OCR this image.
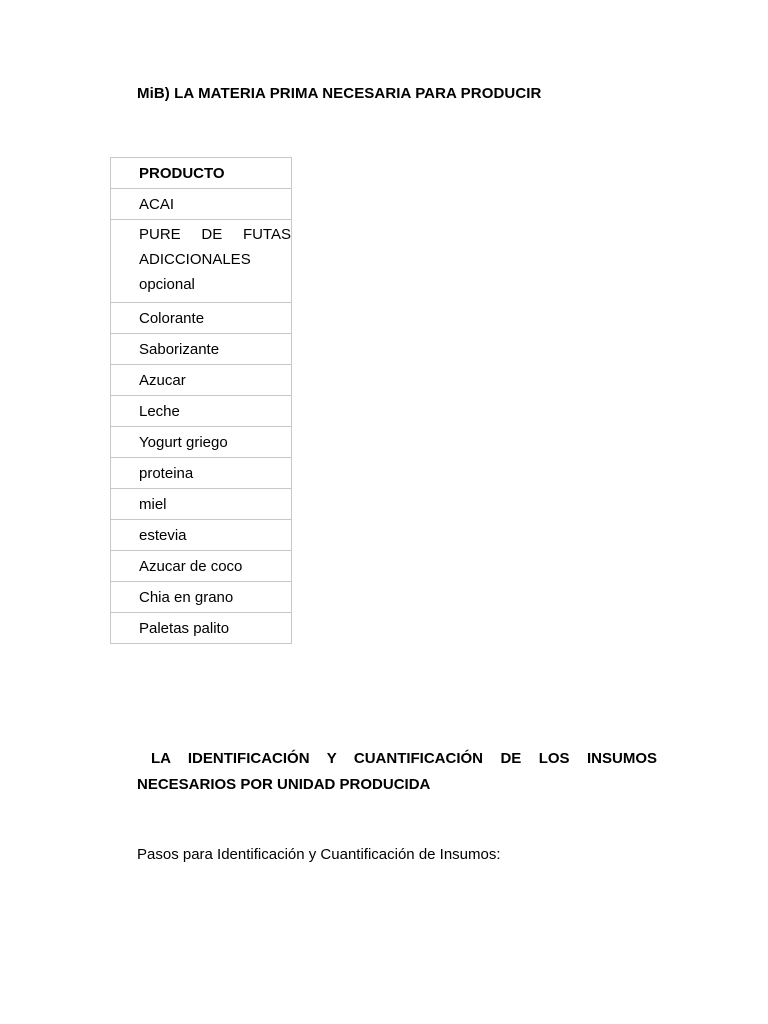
MiB) LA MATERIA PRIMA NECESARIA PARA PRODUCIR
PRODUCTO
ACAI

PURE DE FUTAS
ADICCIONALES
opcional

Colorante
Saborizante
Azucar
Leche
Yogurt griego
proteina
miel
estevia
Azucar de coco
Chia en grano
Paletas palito
LA IDENTIFICACIÓN Y CUANTIFICACIÓN DE LOS INSUMOS
NECESARIOS POR UNIDAD PRODUCIDA
Pasos para Identificación y Cuantificación de Insumos:
